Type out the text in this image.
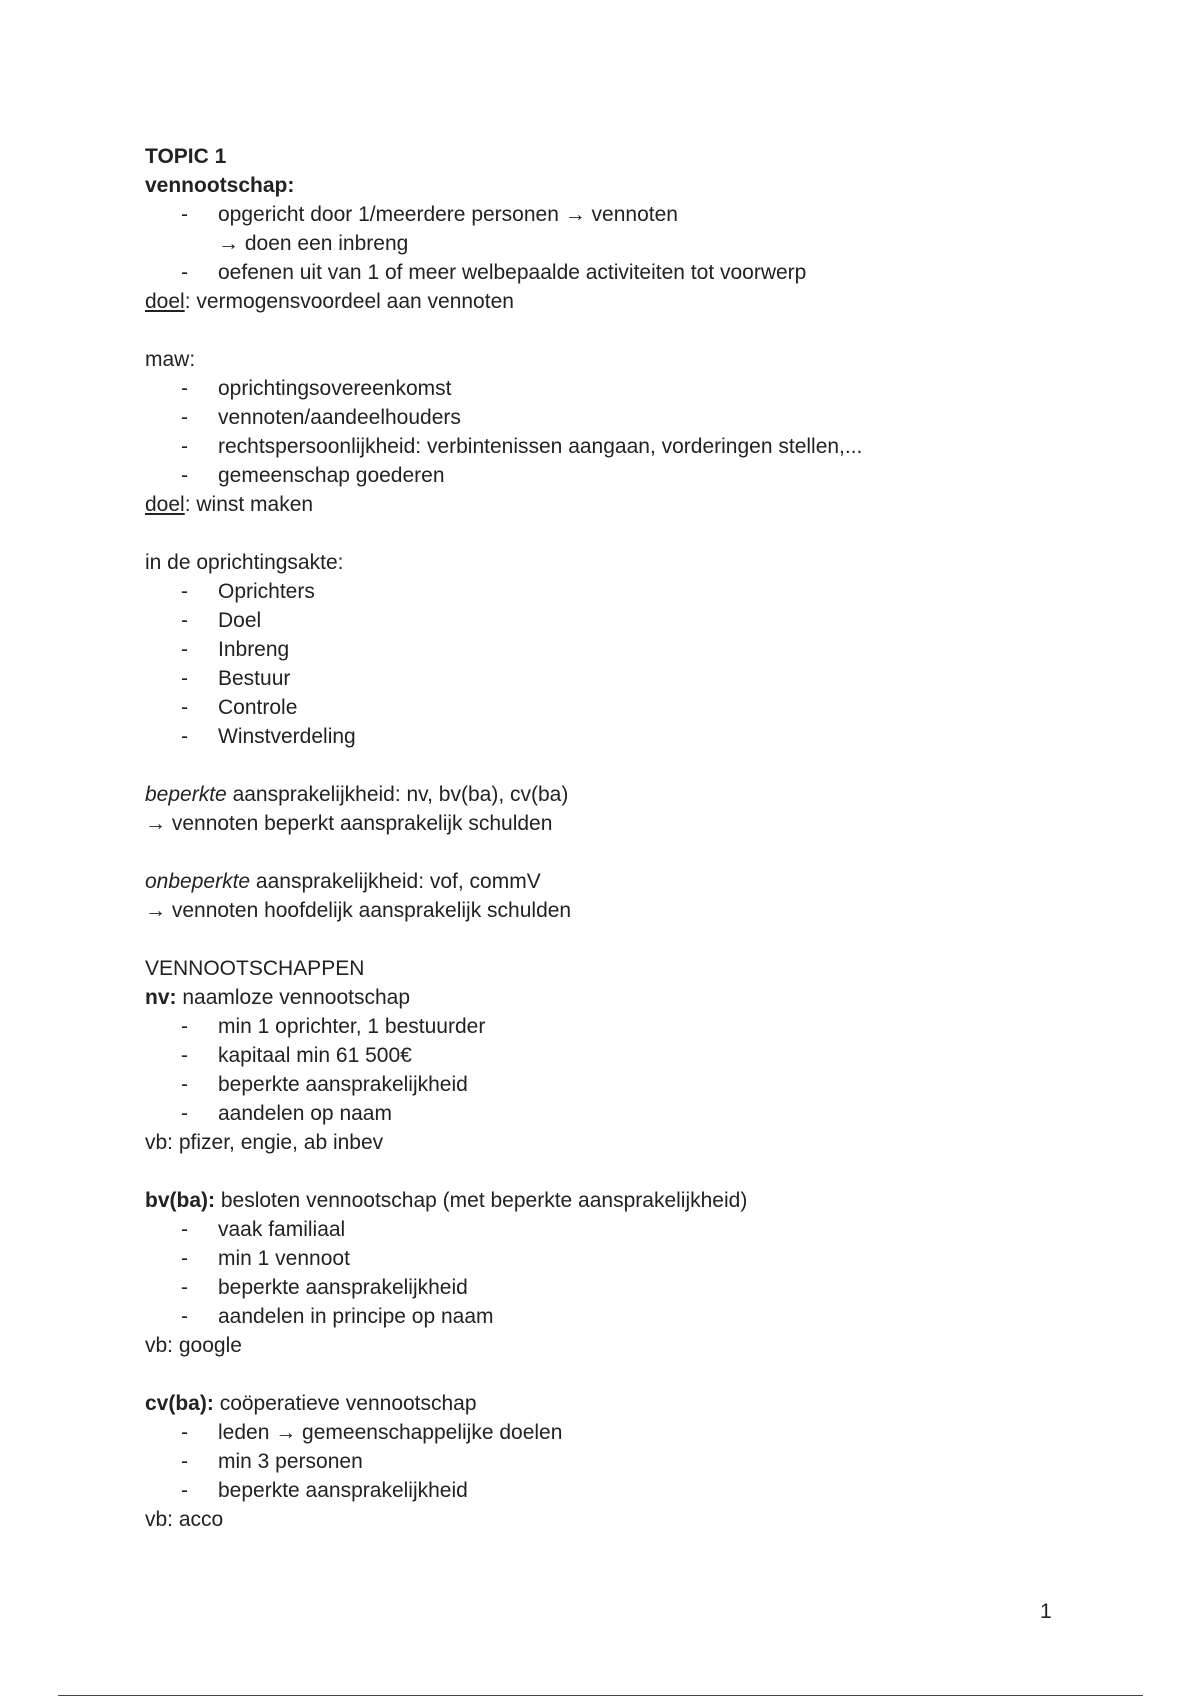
TOPIC 1
vennootschap:
- opgericht door 1/meerdere personen → vennoten
→ doen een inbreng
- oefenen uit van 1 of meer welbepaalde activiteiten tot voorwerp
doel: vermogensvoordeel aan vennoten
maw:
- oprichtingsovereenkomst
- vennoten/aandeelhouders
- rechtspersoonlijkheid: verbintenissen aangaan, vorderingen stellen,...
- gemeenschap goederen
doel: winst maken
in de oprichtingsakte:
- Oprichters
- Doel
- Inbreng
- Bestuur
- Controle
- Winstverdeling
beperkte aansprakelijkheid: nv, bv(ba), cv(ba)
→ vennoten beperkt aansprakelijk schulden
onbeperkte aansprakelijkheid: vof, commV
→ vennoten hoofdelijk aansprakelijk schulden
VENNOOTSCHAPPEN
nv: naamloze vennootschap
- min 1 oprichter, 1 bestuurder
- kapitaal min 61 500€
- beperkte aansprakelijkheid
- aandelen op naam
vb: pfizer, engie, ab inbev
bv(ba): besloten vennootschap (met beperkte aansprakelijkheid)
- vaak familiaal
- min 1 vennoot
- beperkte aansprakelijkheid
- aandelen in principe op naam
vb: google
cv(ba): coöperatieve vennootschap
- leden → gemeenschappelijke doelen
- min 3 personen
- beperkte aansprakelijkheid
vb: acco
1
